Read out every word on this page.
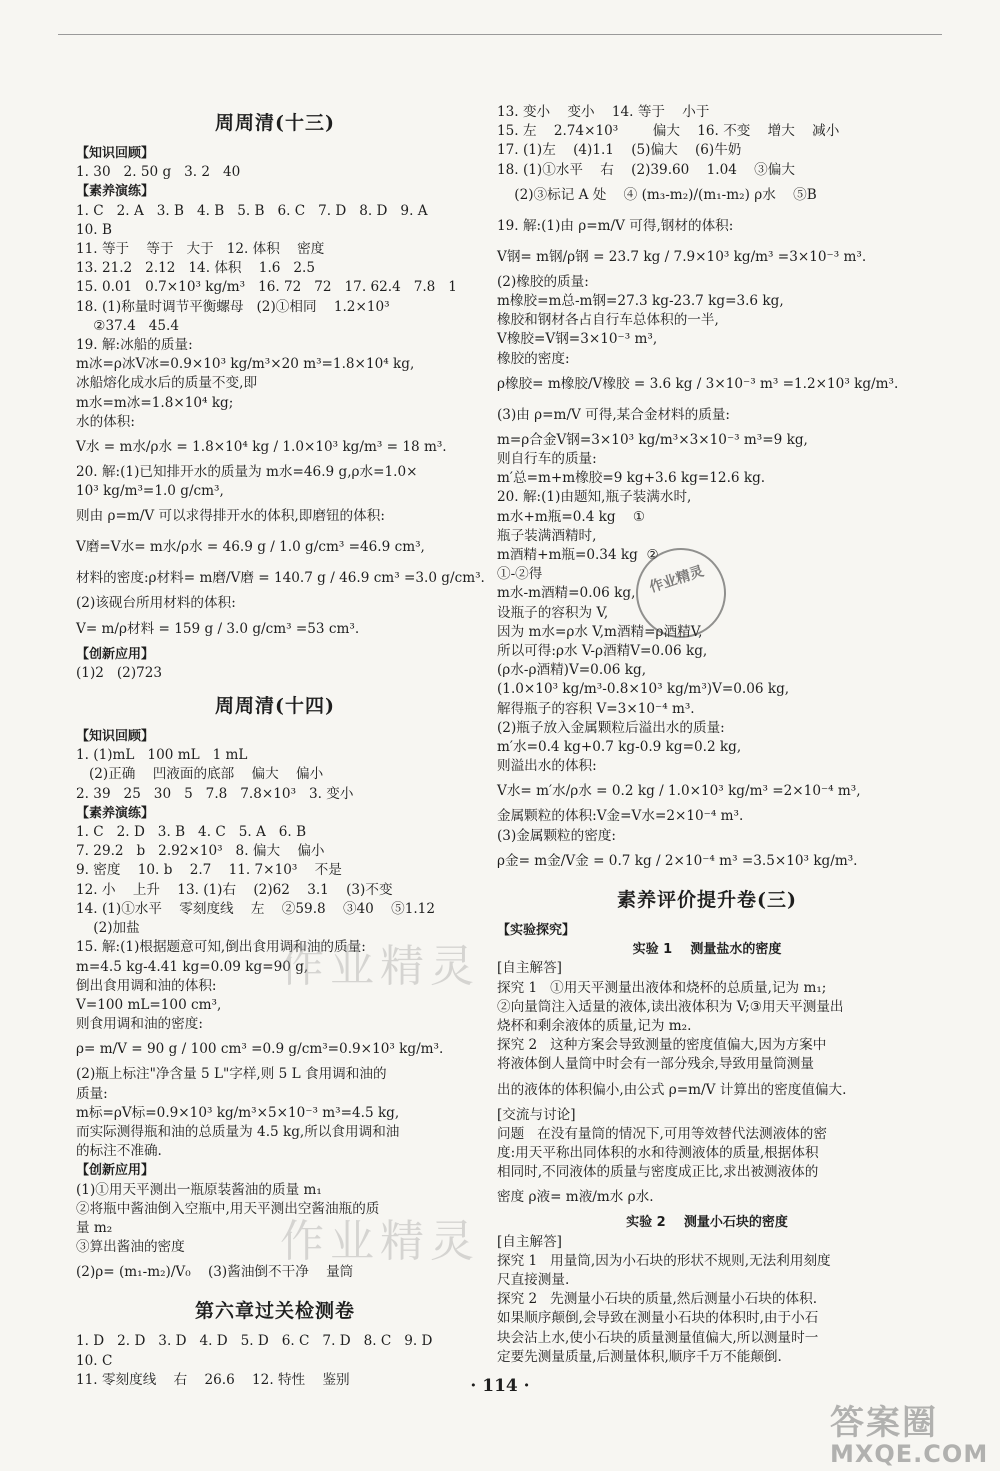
周周清(十三)
【知识回顾】
1. 30   2. 50 g   3. 2   40
【素养演练】
1. C   2. A   3. B   4. B   5. B   6. C   7. D   8. D   9. A
10. B
11. 等于    等于   大于   12. 体积    密度
13. 21.2   2.12   14. 体积    1.6   2.5
15. 0.01   0.7×10³ kg/m³   16. 72   72   17. 62.4   7.8   1
18. (1)称量时调节平衡螺母   (2)①相同    1.2×10³
②37.4   45.4
19. 解:冰船的质量:
m冰=ρ冰V冰=0.9×10³ kg/m³×20 m³=1.8×10⁴ kg,
冰船熔化成水后的质量不变,即
m水=m冰=1.8×10⁴ kg;
水的体积:
V水 = m水/ρ水 = 1.8×10⁴ kg / 1.0×10³ kg/m³ = 18 m³.
20. 解:(1)已知排开水的质量为 m水=46.9 g,ρ水=1.0×
10³ kg/m³=1.0 g/cm³,
则由 ρ=m/V 可以求得排开水的体积,即磨钮的体积:
V磨=V水= m水/ρ水 = 46.9 g / 1.0 g/cm³ =46.9 cm³,
材料的密度:ρ材料= m磨/V磨 = 140.7 g / 46.9 cm³ =3.0 g/cm³.
(2)该砚台所用材料的体积:
V= m/ρ材料 = 159 g / 3.0 g/cm³ =53 cm³.
【创新应用】
(1)2   (2)723
周周清(十四)
【知识回顾】
1. (1)mL   100 mL   1 mL
(2)正确    凹液面的底部    偏大    偏小
2. 39   25   30   5   7.8   7.8×10³   3. 变小
【素养演练】
1. C   2. D   3. B   4. C   5. A   6. B
7. 29.2   b   2.92×10³   8. 偏大    偏小
9. 密度    10. b    2.7    11. 7×10³    不是
12. 小    上升    13. (1)右    (2)62    3.1    (3)不变
14. (1)①水平    零刻度线    左    ②59.8    ③40    ⑤1.12
(2)加盐
15. 解:(1)根据题意可知,倒出食用调和油的质量:
m=4.5 kg-4.41 kg=0.09 kg=90 g,
倒出食用调和油的体积:
V=100 mL=100 cm³,
则食用调和油的密度:
ρ= m/V = 90 g / 100 cm³ =0.9 g/cm³=0.9×10³ kg/m³.
(2)瓶上标注"净含量 5 L"字样,则 5 L 食用调和油的
质量:
m标=ρV标=0.9×10³ kg/m³×5×10⁻³ m³=4.5 kg,
而实际测得瓶和油的总质量为 4.5 kg,所以食用调和油
的标注不准确.
【创新应用】
(1)①用天平测出一瓶原装酱油的质量 m₁
②将瓶中酱油倒入空瓶中,用天平测出空酱油瓶的质
量 m₂
③算出酱油的密度
(2)ρ= (m₁-m₂)/V₀    (3)酱油倒不干净    量筒
第六章过关检测卷
1. D   2. D   3. D   4. D   5. D   6. C   7. D   8. C   9. D
10. C
11. 零刻度线    右    26.6    12. 特性    鉴别
13. 变小    变小    14. 等于    小于
15. 左    2.74×10³        偏大    16. 不变    增大    减小
17. (1)左    (4)1.1    (5)偏大    (6)牛奶
18. (1)①水平    右    (2)39.60    1.04    ③偏大
(2)③标记 A 处    ④ (m₃-m₂)/(m₁-m₂) ρ水    ⑤B
19. 解:(1)由 ρ=m/V 可得,钢材的体积:
V钢= m钢/ρ钢 = 23.7 kg / 7.9×10³ kg/m³ =3×10⁻³ m³.
(2)橡胶的质量:
m橡胶=m总-m钢=27.3 kg-23.7 kg=3.6 kg,
橡胶和钢材各占自行车总体积的一半,
V橡胶=V钢=3×10⁻³ m³,
橡胶的密度:
ρ橡胶= m橡胶/V橡胶 = 3.6 kg / 3×10⁻³ m³ =1.2×10³ kg/m³.
(3)由 ρ=m/V 可得,某合金材料的质量:
m=ρ合金V钢=3×10³ kg/m³×3×10⁻³ m³=9 kg,
则自行车的质量:
m′总=m+m橡胶=9 kg+3.6 kg=12.6 kg.
20. 解:(1)由题知,瓶子装满水时,
m水+m瓶=0.4 kg    ①
瓶子装满酒精时,
m酒精+m瓶=0.34 kg  ②
①-②得
m水-m酒精=0.06 kg,
设瓶子的容积为 V,
因为 m水=ρ水 V,m酒精=ρ酒精V,
所以可得:ρ水 V-ρ酒精V=0.06 kg,
(ρ水-ρ酒精)V=0.06 kg,
(1.0×10³ kg/m³-0.8×10³ kg/m³)V=0.06 kg,
解得瓶子的容积 V=3×10⁻⁴ m³.
(2)瓶子放入金属颗粒后溢出水的质量:
m′水=0.4 kg+0.7 kg-0.9 kg=0.2 kg,
则溢出水的体积:
V水= m′水/ρ水 = 0.2 kg / 1.0×10³ kg/m³ =2×10⁻⁴ m³,
金属颗粒的体积:V金=V水=2×10⁻⁴ m³.
(3)金属颗粒的密度:
ρ金= m金/V金 = 0.7 kg / 2×10⁻⁴ m³ =3.5×10³ kg/m³.
素养评价提升卷(三)
【实验探究】
实验 1    测量盐水的密度
[自主解答]
探究 1   ①用天平测量出液体和烧杯的总质量,记为 m₁;
②向量筒注入适量的液体,读出液体积为 V;③用天平测量出
烧杯和剩余液体的质量,记为 m₂.
探究 2   这种方案会导致测量的密度值偏大,因为方案中
将液体倒人量筒中时会有一部分残余,导致用量筒测量
出的液体的体积偏小,由公式 ρ=m/V 计算出的密度值偏大.
[交流与讨论]
问题   在没有量筒的情况下,可用等效替代法测液体的密
度:用天平称出同体积的水和待测液体的质量,根据体积
相同时,不同液体的质量与密度成正比,求出被测液体的
密度 ρ液= m液/m水 ρ水.
实验 2    测量小石块的密度
[自主解答]
探究 1   用量筒,因为小石块的形状不规则,无法利用刻度
尺直接测量.
探究 2   先测量小石块的质量,然后测量小石块的体积.
如果顺序颠倒,会导致在测量小石块的体积时,由于小石
块会沾上水,使小石块的质量测量值偏大,所以测量时一
定要先测量质量,后测量体积,顺序千万不能颠倒.
作业精灵
作业精灵
作业精灵
· 114 ·
答案圈
MXQE.COM
